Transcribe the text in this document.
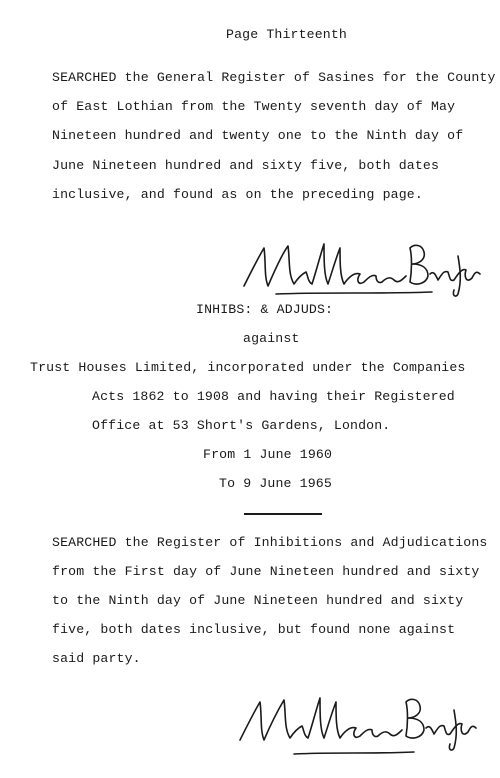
Page Thirteenth
SEARCHED the General Register of Sasines for the County
of East Lothian from the Twenty seventh day of May
Nineteen hundred and twenty one to the Ninth day of
June Nineteen hundred and sixty five, both dates
inclusive, and found as on the preceding page.
INHIBS: & ADJUDS:
against
Trust Houses Limited, incorporated under the Companies
Acts 1862 to 1908 and having their Registered
Office at 53 Short's Gardens, London.
From 1 June 1960
To 9 June 1965
SEARCHED the Register of Inhibitions and Adjudications
from the First day of June Nineteen hundred and sixty
to the Ninth day of June Nineteen hundred and sixty
five, both dates inclusive, but found none against
said party.
